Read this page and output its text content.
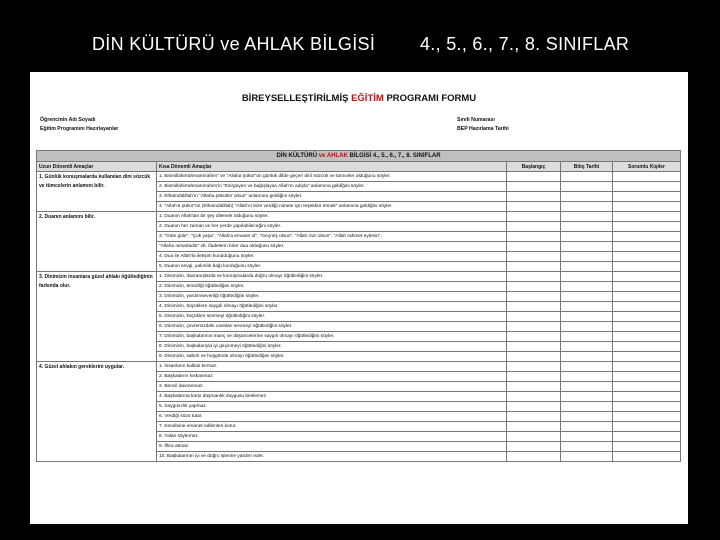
DİN KÜLTÜRÜ ve AHLAK BİLGİSİ 4., 5., 6., 7., 8. SINIFLAR
BİREYSELLEŞTİRİLMİŞ EĞİTİM PROGRAMI FORMU
Öğrencinin Adı Soyadı
Eğitim Programını Hazırlayanlar
Sınıfı Numarası
BEP Hazırlama Tarihi
DİN KÜLTÜRÜ ve AHLAK BİLGİSİ 4., 5., 6., 7., 8. SINIFLAR				
Uzun Dönemli Amaçlar	Kısa Dönemli Amaçlar	Başlangıç	Bitiş Tarihi	Sorumlu Kişiler
1. Günlük konuşmalarda kullanılan dini sözcük ve tümcelerin anlamını bilir.	1. Bismillahirrahmanirrahim" ve "Allaha şükür"ün günlük dilde geçen dinî sözcük ve tümceler olduğunu söyler.			
	2. Bismillahirrahmanirrahim'in "Esirgeyen ve bağışlayan Allah'ın adıyla" anlamına geldiğini söyler.			
	3. Elhamdülillah'ın "Allaha şükürler olsun" anlamına geldiğini söyler.			
	4. "Allah'a şükür"ün (Elhamdülillah) "Allah'ın bize verdiği nimete için teşekkür etmek" anlamına geldiğini söyler.			
2. Duanın anlamını bilir.	1. Duanın Allah'tan bir şey dilemek olduğunu söyler.			
	2. Duanın her zaman ve her yerde yapılabileceğini söyler.			
	3. "Güle güle", "Çok yaşa", "Allah'a emanet ol", "Geçmiş olsun", "Allah razı olsun", "Allah rahmet eylesin",			
	"Allaha ısmarladık" vb. ifadelerin birer dua olduğunu söyler.			
	4. Dua ile Allah'la iletişim kurulduğunu söyler.			
	5. Duanın sevgi, yakınlık bağı kurduğunu söyler.			
3. Dinimizin insanlara güzel ahlakı öğütlediğinin farkında olur.	1. Dinimizin, davranışlarda ve konuşmalarda doğru olmayı öğütlediğini söyler.			
	2. Dinimizin, temizliği öğütlediğini söyler.			
	3. Dinimizin, yardımseverliği öğütlediğini söyler.			
	4. Dinimizin, büyüklere saygılı olmayı öğütlediğini söyler.			
	5. Dinimizin, küçükleri sevmeyi öğütlediğini söyler.			
	6. Dinimizin, çevremizdeki canlıları sevmeyi öğütlediğini söyler.			
	7. Dinimizin, başkalarının inanç ve düşüncelerine saygılı olmayı öğütlediğini söyler.			
	8. Dinimizin, başkalarıyla iyi geçinmeyi öğütlediğini söyler.			
	9. Dinimizin, sabırlı ve hoşgörülü olmayı öğütlediğini söyler.			
4. Güzel ahlakın gereklerini uygular.	1. İnsanların kalbini kırmaz.			
	2. Başkalarını kıskanmaz.			
	3. Bencil davranmaz.			
	4. Başkalarına karşı düşmanlık duygusu beslemez.			
	5. Saygısızlık yapmaz.			
	6. Verdiği sözü tutar.			
	7. Kendisine emanet edilenleri korur.			
	8. Yalan söylemez.			
	9. İftira atmaz.			
	10. Başkalarının iyi ve doğru işlerine yardım eder.			
